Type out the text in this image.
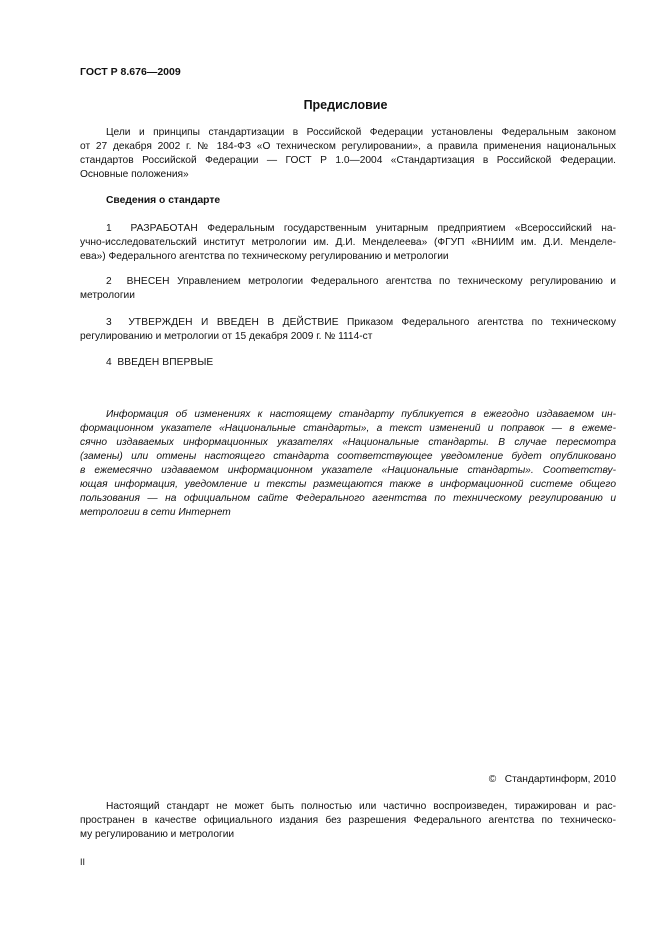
ГОСТ Р 8.676—2009
Предисловие
Цели и принципы стандартизации в Российской Федерации установлены Федеральным законом
от 27 декабря 2002 г. № 184-ФЗ «О техническом регулировании», а правила применения национальных
стандартов Российской Федерации — ГОСТ Р 1.0—2004 «Стандартизация в Российской Федерации.
Основные положения»
Сведения о стандарте
1 РАЗРАБОТАН Федеральным государственным унитарным предприятием «Всероссийский на-
учно-исследовательский институт метрологии им. Д.И. Менделеева» (ФГУП «ВНИИМ им. Д.И. Менделе-
ева») Федерального агентства по техническому регулированию и метрологии
2 ВНЕСЕН Управлением метрологии Федерального агентства по техническому регулированию и
метрологии
3 УТВЕРЖДЕН И ВВЕДЕН В ДЕЙСТВИЕ Приказом Федерального агентства по техническому
регулированию и метрологии от 15 декабря 2009 г. № 1114-ст
4 ВВЕДЕН ВПЕРВЫЕ
Информация об изменениях к настоящему стандарту публикуется в ежегодно издаваемом ин-
формационном указателе «Национальные стандарты», а текст изменений и поправок — в ежеме-
сячно издаваемых информационных указателях «Национальные стандарты. В случае пересмотра
(замены) или отмены настоящего стандарта соответствующее уведомление будет опубликовано
в ежемесячно издаваемом информационном указателе «Национальные стандарты». Соответству-
ющая информация, уведомление и тексты размещаются также в информационной системе общего
пользования — на официальном сайте Федерального агентства по техническому регулированию и
метрологии в сети Интернет
©   Стандартинформ, 2010
Настоящий стандарт не может быть полностью или частично воспроизведен, тиражирован и рас-
пространен в качестве официального издания без разрешения Федерального агентства по техническо-
му регулированию и метрологии
II
